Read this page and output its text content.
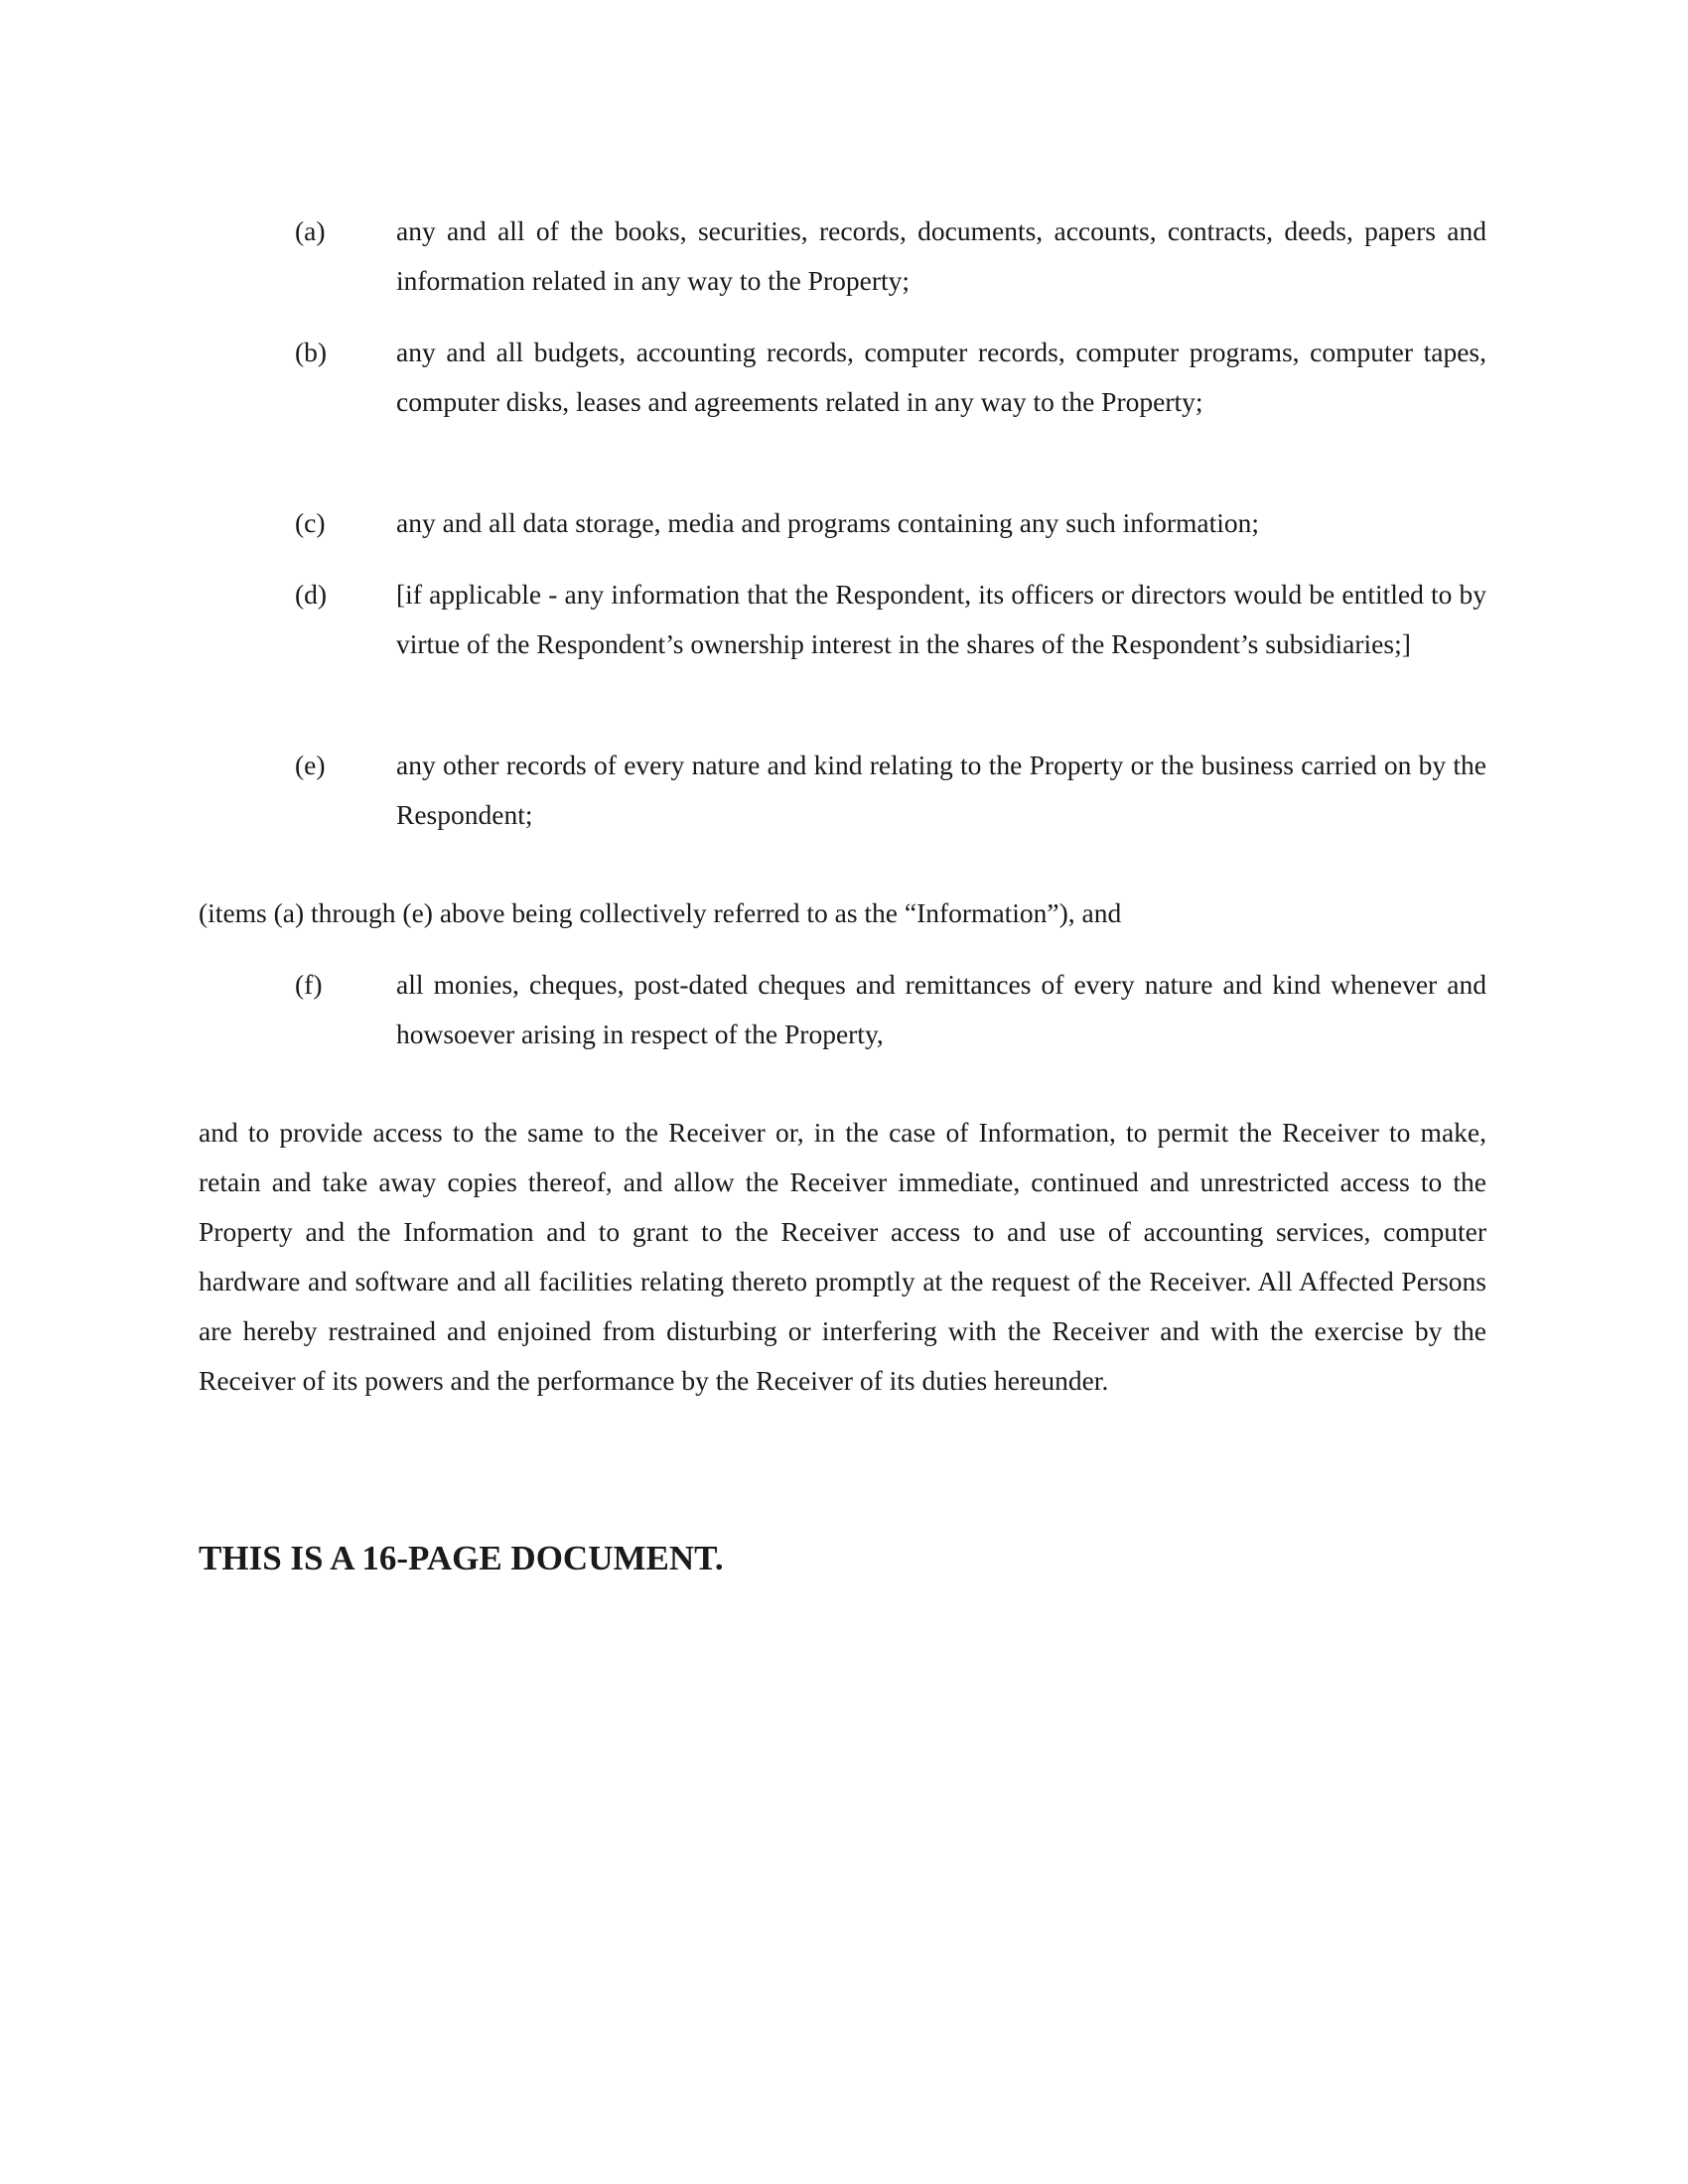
(a)	any and all of the books, securities, records, documents, accounts, contracts, deeds, papers and information related in any way to the Property;
(b)	any and all budgets, accounting records, computer records, computer programs, computer tapes, computer disks, leases and agreements related in any way to the Property;
(c)	any and all data storage, media and programs containing any such information;
(d)	[if applicable - any information that the Respondent, its officers or directors would be entitled to by virtue of the Respondent’s ownership interest in the shares of the Respondent’s subsidiaries;]
(e)	any other records of every nature and kind relating to the Property or the business carried on by the Respondent;
(items (a) through (e) above being collectively referred to as the “Information”), and
(f)	all monies, cheques, post-dated cheques and remittances of every nature and kind whenever and howsoever arising in respect of the Property,
and to provide access to the same to the Receiver or, in the case of Information, to permit the Receiver to make, retain and take away copies thereof, and allow the Receiver immediate, continued and unrestricted access to the Property and the Information and to grant to the Receiver access to and use of accounting services, computer hardware and software and all facilities relating thereto promptly at the request of the Receiver. All Affected Persons are hereby restrained and enjoined from disturbing or interfering with the Receiver and with the exercise by the Receiver of its powers and the performance by the Receiver of its duties hereunder.
THIS IS A 16-PAGE DOCUMENT.
